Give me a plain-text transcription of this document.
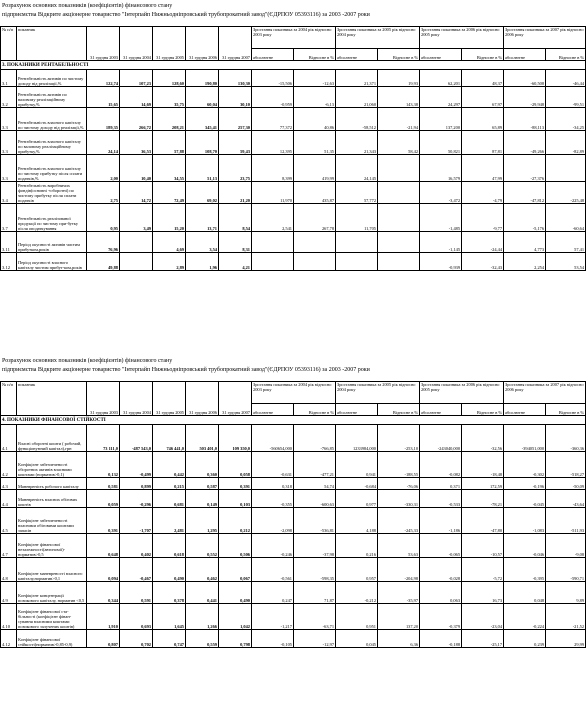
Розрахунок основних показників (коефіцієнтів) фінансового стану
підприємства Відкрите акціонерне товариство "Інтерпайп Нижньодніпровський трубопрокатний завод"(ЄДРПОУ 05393116) за 2003 -2007 роки
№ п/п	показник	31 грудня 2003	31 грудня 2004	31 грудня 2005	31 грудня 2006	31 грудня 2007	Зростання показника за 2004 рік відносно 2003 року		Зростання показника за 2005 рік відносно 2004 року		Зростання показника за 2006 рік відносно 2005 року		Зростання показника за 2007 рік відносно 2006 року	
							абсолютне	Відносне в %	абсолютне	Відносне в %	абсолютне	Відносне в %	абсолютне	Відносне в %
3. ПОКАЗНИКИ РЕНТАБЕЛЬНОСТІ														
3.1	Рентабельність активів по чистому доходу від реалізації,%	122,74	107,23	128,60	190,80	130,30	-15,506	-12,63	21,371	19,93	62,201	48,37	-60,508	-46,44
3.2	Рентабельність активів по валовому реалізаційному прибутку,%	15,65	14,69	35,75	60,04	30,10	-0,959	-6,13	21,060	143,38	24,297	67,97	-29,948	-99,51
3.3	Рентабельність власного капіталу по чистому доходу від реалізації,%	189,35	266,72	208,21	345,41	257,30	77,372	40,86	-58,512	-21,94	137,200	65,89	-88,113	-34,25
3.3	Рентабельність власного капіталу по валовому реалізаційному прибутку,%	24,14	36,53	57,88	108,70	59,43	12,395	51,35	21,343	58,42	50,821	87,81	-49,266	-82,89
3.3	Рентабельність власного капіталу по чистому прибутку після сплати податків,%	2,00	10,40	34,55	51,13	23,75	8,399	419,99	24,145		16,579	47,99	-27,376	
3.4	Рентабельність виробничих фондів(основні +оборотні) по чистому прибутку після сплати податків	2,75	14,72	72,49	69,02	21,20	11,970	435,87	57,772		-3,472	-4,79	-47,812	-225,48
3.7	Рентабельність реалізованої продукції по чистому при-бутку після оподаткування	0,95	3,49	15,20	13,71	8,54	2,541	267,78	11,705		-1,485	-9,77	-5,176	-60,64
3.11	Період окупності активів чистим прибутком,років	76,96		4,69	3,54	8,31					-1,145	-24,44	4,773	57,41
3.12	Період окупності власного капіталу чистим прибут-ком,років	49,88		2,89	1,96	4,21					-0,939	-32,43	2,254	53,54
Розрахунок основних показників (коефіцієнтів) фінансового стану
підприємства Відкрите акціонерне товариство "Інтерпайп Нижньодніпровський трубопрокатний завод"(ЄДРПОУ 05393116) за 2003 -2007 роки
№ п/п	показник	31 грудня 2003	31 грудня 2004	31 грудня 2005	31 грудня 2006	31 грудня 2007	Зростання показника за 2004 рік відносно 2003 року		Зростання показника за 2005 рік відносно 2004 року		Зростання показника за 2006 рік відносно 2005 року		Зростання показника за 2007 рік відносно 2006 року	
							абсолютне	Відносне в %	абсолютне	Відносне в %	абсолютне	Відносне в %	абсолютне	Відносне в %
4. ПОКАЗНИКИ ФІНАНСОВОЇ СТІЙКОСТІ														
4.1	Власні оборотні кошти ( робочий, функціонуючий капітал),грн	73 111,0	-487 543,0	746 441,0	503 401,0	109 350,0	-560654,000	-766,85	1233984,000	-253,10	-243040,000	-32,56	-394051,000	-360,36
4.2	Коефіцієнт забезпеченості оборотних активів власними коштами (норматив>0,1)	0,132	-0,499	0,442	0,360	0,058	-0,631	-477,21	0,941	-188,55	-0,082	-18,48	-0,302	-518,27
4.3	Маневреність робочого капіталу	0,581	0,899	0,215	0,587	0,391	0,318	54,74	-0,684	-76,06	0,371	172,59	-0,196	-50,09
4.4	Маневреність власних обігових коштів	0,059	-0,296	0,681	0,149	0,103	-0,355	-600,63	0,977	-330,31	-0,533	-78,21	-0,045	-43,64
4.5	Коефіцієнт забезпеченості власними обіговими коштами запасів	0,391	-1,707	2,481	1,295	0,212	-2,098	-536,81	4,188	-245,33	-1,186	-47,80	-1,083	-511,93
4.7	Коефіцієнт фінансової незалежності(автономії)- норматив>0,5	0,648	0,402	0,618	0,552	0,506	-0,246	-37,98	0,216	53,63	-0,065	-10,57	-0,046	-9,08
4.8	Коефіцієнт маневреності власного капіталу,норматив>0,1	0,094	-0,467	0,490	0,462	0,067	-0,561	-598,35	0,957	-204,98	-0,028	-5,72	-0,395	-590,71
4.9	Коефіцієнт концентрації позикового капіталу, норматив <0,5	0,344	0,591	0,378	0,441	0,490	0,247	71,87	-0,212	-35,97	0,063	16,73	0,048	9,89
4.10	Коефіцієнт фінансової ста-більності (коефіцієнт фінан-сування власними коштами позикового залучених коштів)	1,910	0,693	1,645	1,266	1,042	-1,217	-63,71	0,951	137,20	-0,379	-23,04	-0,224	-21,52
4.12	Коефіцієнт фінансової стійкості(норматив>0,85-0,9)	0,807	0,702	0,747	0,559	0,798	-0,105	-12,97	0,045	6,36	-0,188	-25,17	0,239	29,99
